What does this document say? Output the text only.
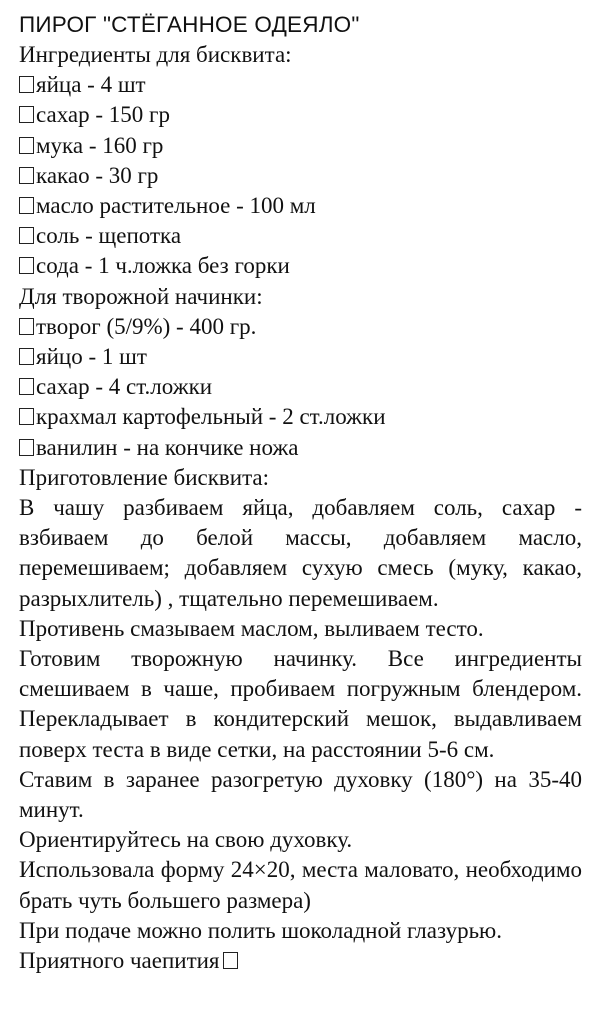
ПИРОГ "СТЁГАННОЕ ОДЕЯЛО"

Ингредиенты для бисквита:

яйца - 4 шт

сахар - 150 гр

мука - 160 гр

какао - 30 гр

масло растительное - 100 мл

соль - щепотка

сода - 1 ч.ложка без горки

Для творожной начинки:

творог (5/9%) - 400 гр.

яйцо - 1 шт

сахар - 4 ст.ложки

крахмал картофельный - 2 ст.ложки

ванилин - на кончике ножа

Приготовление бисквита:

В чашу разбиваем яйца, добавляем соль, сахар - взбиваем до белой массы, добавляем масло, перемешиваем; добавляем сухую смесь (муку, какао, разрыхлитель) , тщательно перемешиваем.

Противень смазываем маслом, выливаем тесто.

Готовим творожную начинку. Все ингредиенты смешиваем в чаше, пробиваем погружным блендером. Перекладывает в кондитерский мешок, выдавливаем поверх теста в виде сетки, на расстоянии 5-6 см.

Ставим в заранее разогретую духовку (180°) на 35-40 минут.

Ориентируйтесь на свою духовку.

Использовала форму 24×20, места маловато, необходимо брать чуть большего размера)

При подаче можно полить шоколадной глазурью.

Приятного чаепития
